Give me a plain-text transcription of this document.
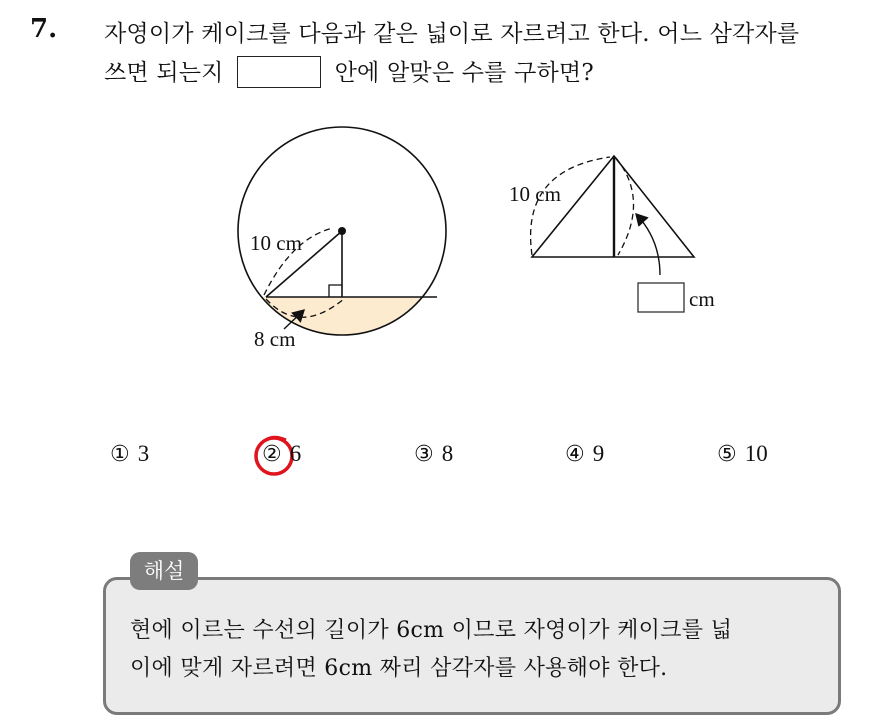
7. 자영이가 케이크를 다음과 같은 넓이로 자르려고 한다. 어느 삼각자를
쓰면 되는지	안에 알맞은 수를 구하면?
10 cm
8 cm
10 cm
cm
① 3	② 6	③ 8	④ 9	⑤ 10
해설
현에 이르는 수선의 길이가 6cm 이므로 자영이가 케이크를 넓
이에 맞게 자르려면 6cm 짜리 삼각자를 사용해야 한다.
